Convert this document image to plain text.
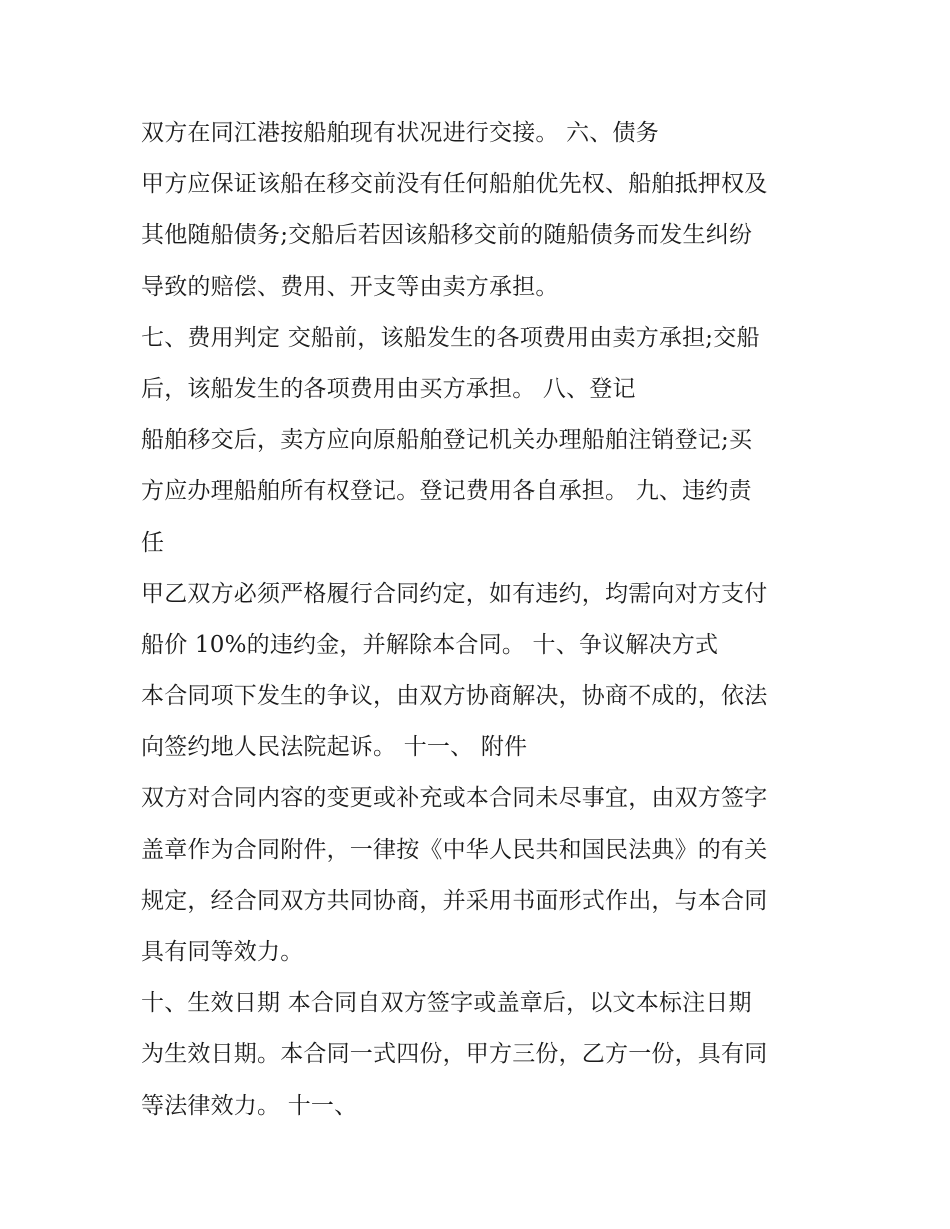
双方在同江港按船舶现有状况进行交接。 六、债务
甲方应保证该船在移交前没有任何船舶优先权、船舶抵押权及
其他随船债务;交船后若因该船移交前的随船债务而发生纠纷
导致的赔偿、费用、开支等由卖方承担。
七、费用判定 交船前，该船发生的各项费用由卖方承担;交船
后，该船发生的各项费用由买方承担。 八、登记
船舶移交后，卖方应向原船舶登记机关办理船舶注销登记;买
方应办理船舶所有权登记。登记费用各自承担。 九、违约责
任
甲乙双方必须严格履行合同约定，如有违约，均需向对方支付
船价 10%的违约金，并解除本合同。 十、争议解决方式
本合同项下发生的争议，由双方协商解决，协商不成的，依法
向签约地人民法院起诉。 十一、 附件
双方对合同内容的变更或补充或本合同未尽事宜，由双方签字
盖章作为合同附件，一律按《中华人民共和国民法典》的有关
规定，经合同双方共同协商，并采用书面形式作出，与本合同
具有同等效力。
十、生效日期 本合同自双方签字或盖章后，以文本标注日期
为生效日期。本合同一式四份，甲方三份，乙方一份，具有同
等法律效力。 十一、
